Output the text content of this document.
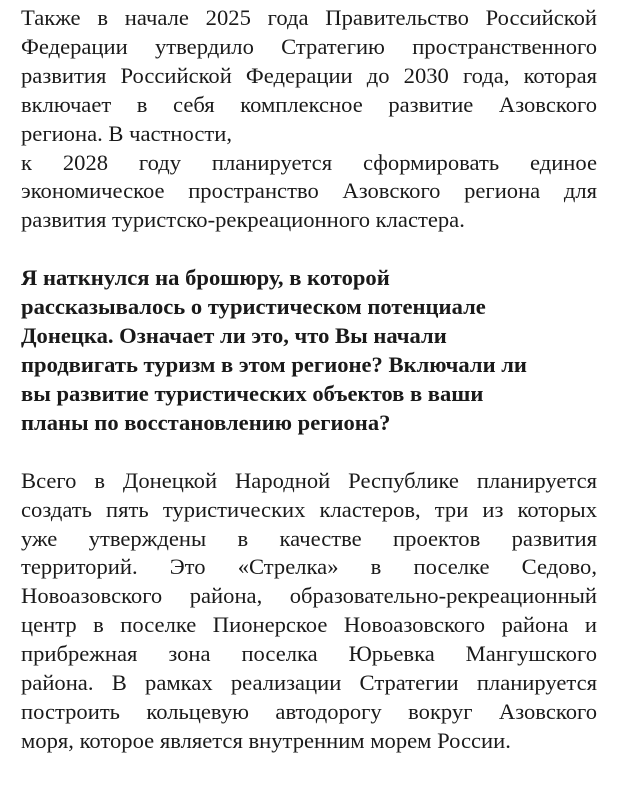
Также в начале 2025 года Правительство Российской
Федерации утвердило Стратегию пространственного
развития Российской Федерации до 2030 года, которая
включает в себя комплексное развитие Азовского
региона. В частности,
к 2028 году планируется сформировать единое
экономическое пространство Азовского региона для
развития туристско-рекреационного кластера.
Я наткнулся на брошюру, в которой
рассказывалось о туристическом потенциале
Донецка. Означает ли это, что Вы начали
продвигать туризм в этом регионе? Включали ли
вы развитие туристических объектов в ваши
планы по восстановлению региона?
Всего в Донецкой Народной Республике планируется
создать пять туристических кластеров, три из которых
уже утверждены в качестве проектов развития
территорий. Это «Стрелка» в поселке Седово,
Новоазовского района, образовательно-рекреационный
центр в поселке Пионерское Новоазовского района и
прибрежная зона поселка Юрьевка Мангушского
района. В рамках реализации Стратегии планируется
построить кольцевую автодорогу вокруг Азовского
моря, которое является внутренним морем России.
